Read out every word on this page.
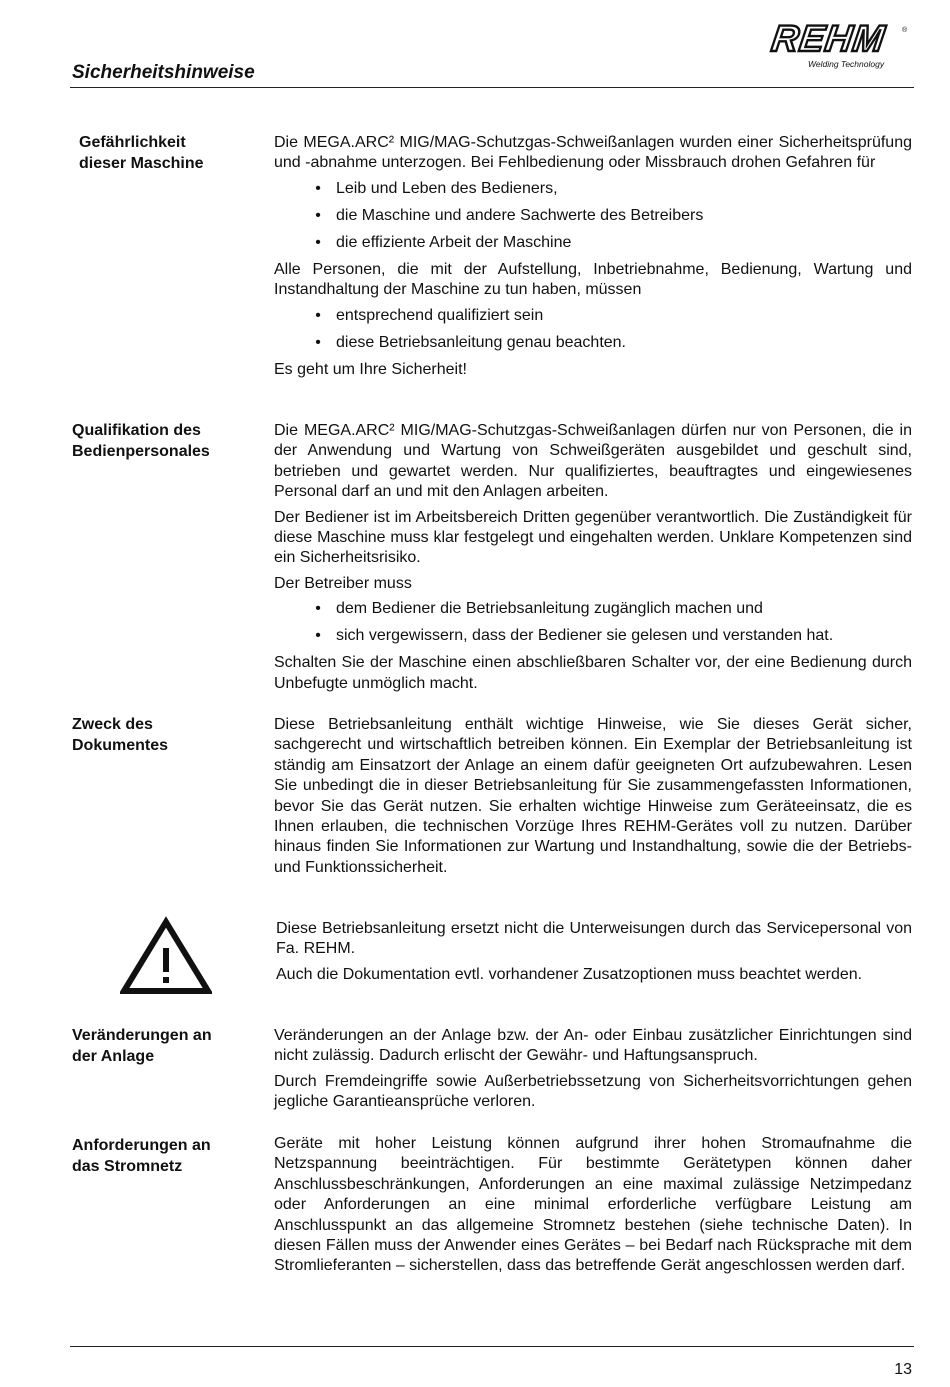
Sicherheitshinweise
REHM ®
Welding Technology
Gefährlichkeit
dieser Maschine

Die MEGA.ARC² MIG/MAG-Schutzgas-Schweißanlagen wurden einer Sicherheitsprüfung und -abnahme unterzogen. Bei Fehlbedienung oder Missbrauch drohen Gefahren für

• Leib und Leben des Bedieners,
• die Maschine und andere Sachwerte des Betreibers
• die effiziente Arbeit der Maschine

Alle Personen, die mit der Aufstellung, Inbetriebnahme, Bedienung, Wartung und Instandhaltung der Maschine zu tun haben, müssen

• entsprechend qualifiziert sein
• diese Betriebsanleitung genau beachten.

Es geht um Ihre Sicherheit!

Qualifikation des
Bedienpersonales

Die MEGA.ARC² MIG/MAG-Schutzgas-Schweißanlagen dürfen nur von Personen, die in der Anwendung und Wartung von Schweißgeräten ausgebildet und geschult sind, betrieben und gewartet werden. Nur qualifiziertes, beauftragtes und eingewiesenes Personal darf an und mit den Anlagen arbeiten.

Der Bediener ist im Arbeitsbereich Dritten gegenüber verantwortlich. Die Zuständigkeit für diese Maschine muss klar festgelegt und eingehalten werden. Unklare Kompetenzen sind ein Sicherheitsrisiko.

Der Betreiber muss

• dem Bediener die Betriebsanleitung zugänglich machen und
• sich vergewissern, dass der Bediener sie gelesen und verstanden hat.

Schalten Sie der Maschine einen abschließbaren Schalter vor, der eine Bedienung durch Unbefugte unmöglich macht.

Zweck des
Dokumentes

Diese Betriebsanleitung enthält wichtige Hinweise, wie Sie dieses Gerät sicher, sachgerecht und wirtschaftlich betreiben können. Ein Exemplar der Betriebsanleitung ist ständig am Einsatzort der Anlage an einem dafür geeigneten Ort aufzubewahren. Lesen Sie unbedingt die in dieser Betriebsanleitung für Sie zusammengefassten Informationen, bevor Sie das Gerät nutzen. Sie erhalten wichtige Hinweise zum Geräteeinsatz, die es Ihnen erlauben, die technischen Vorzüge Ihres REHM-Gerätes voll zu nutzen. Darüber hinaus finden Sie Informationen zur Wartung und Instandhaltung, sowie die der Betriebs- und Funktionssicherheit.

Diese Betriebsanleitung ersetzt nicht die Unterweisungen durch das Servicepersonal von Fa. REHM.

Auch die Dokumentation evtl. vorhandener Zusatzoptionen muss beachtet werden.

Veränderungen an
der Anlage

Veränderungen an der Anlage bzw. der An- oder Einbau zusätzlicher Einrichtungen sind nicht zulässig. Dadurch erlischt der Gewähr- und Haftungsanspruch.

Durch Fremdeingriffe sowie Außerbetriebssetzung von Sicherheitsvorrichtungen gehen jegliche Garantieansprüche verloren.

Anforderungen an
das Stromnetz

Geräte mit hoher Leistung können aufgrund ihrer hohen Stromaufnahme die Netzspannung beeinträchtigen. Für bestimmte Gerätetypen können daher Anschlussbeschränkungen, Anforderungen an eine maximal zulässige Netzimpedanz oder Anforderungen an eine minimal erforderliche verfügbare Leistung am Anschlusspunkt an das allgemeine Stromnetz bestehen (siehe technische Daten). In diesen Fällen muss der Anwender eines Gerätes – bei Bedarf nach Rücksprache mit dem Stromlieferanten – sicherstellen, dass das betreffende Gerät angeschlossen werden darf.

13
